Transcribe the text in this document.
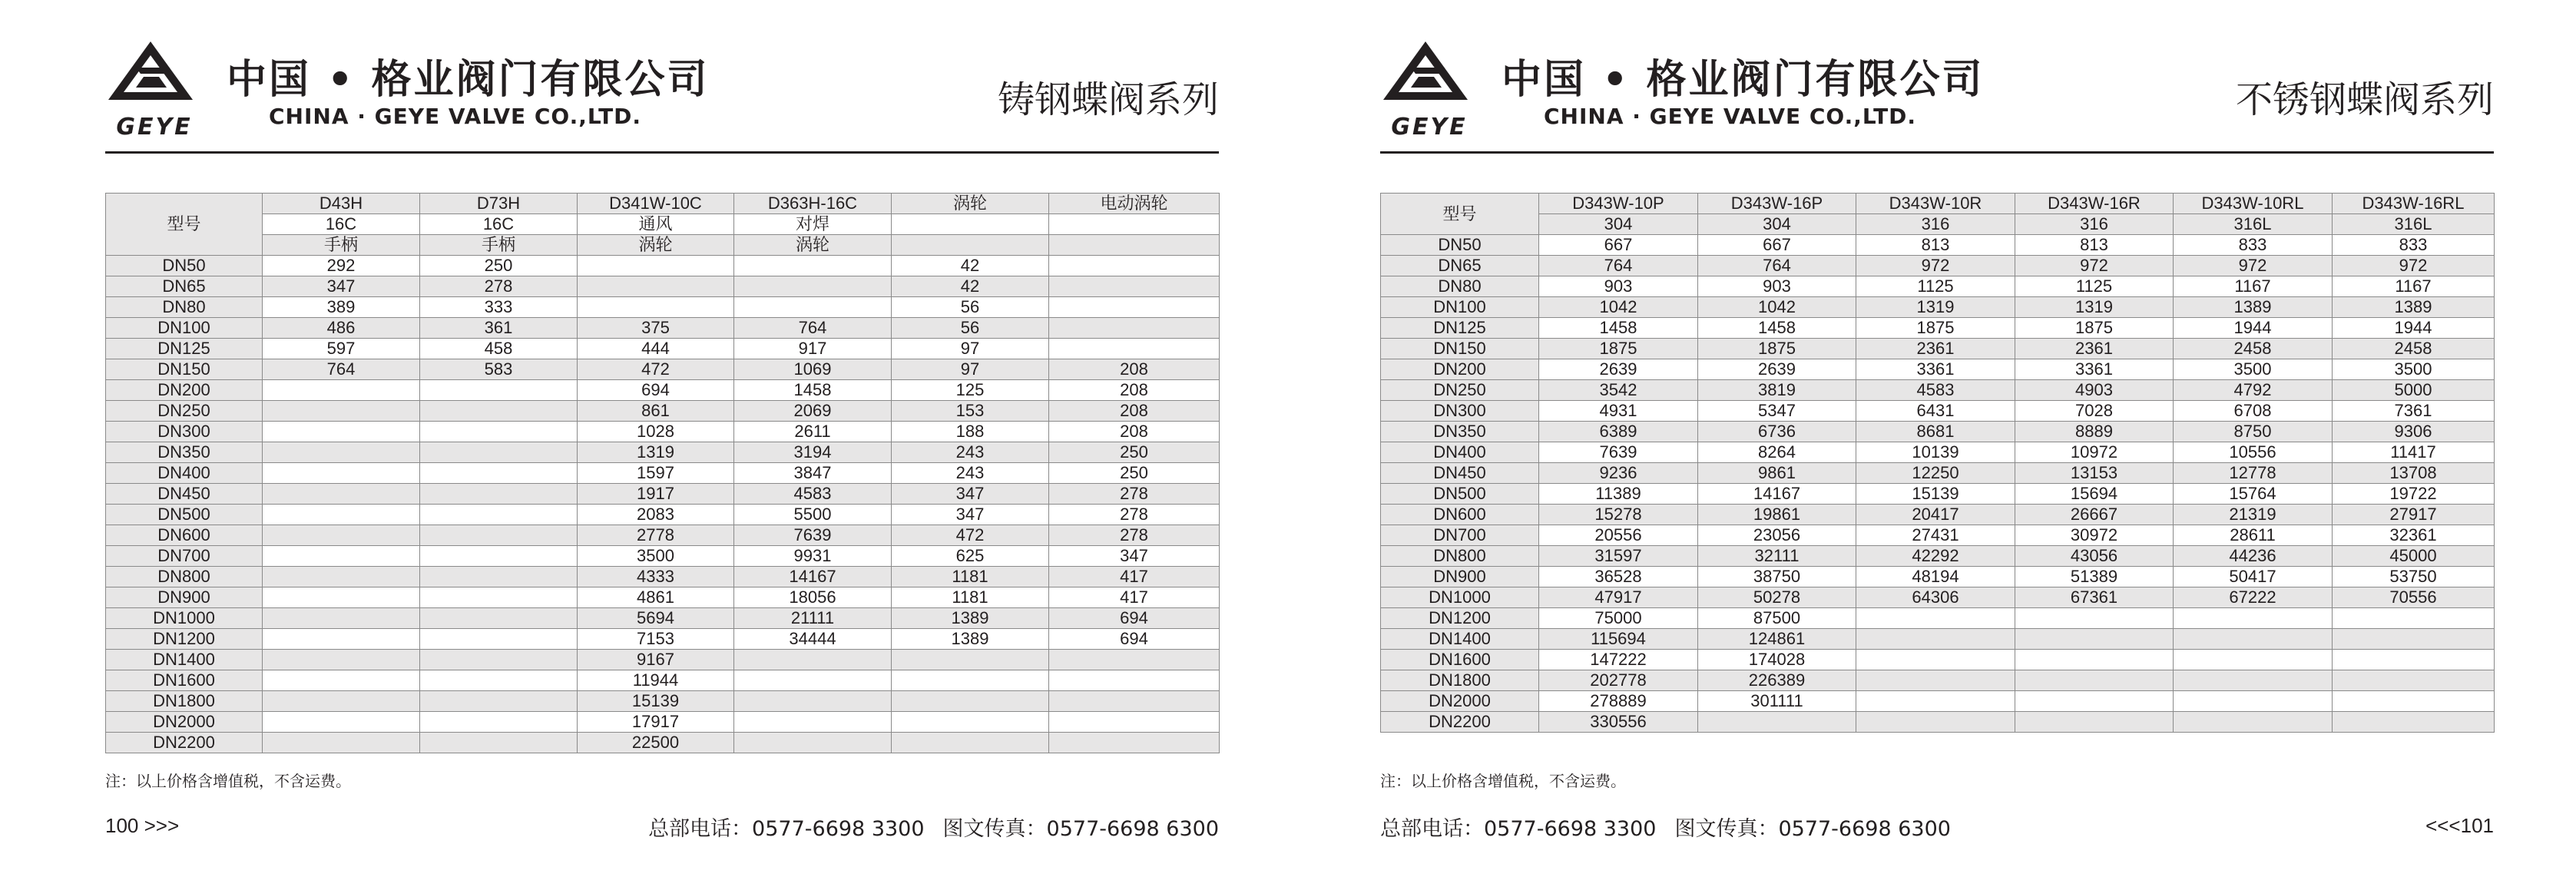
GEYE
中国 • 格业阀门有限公司
CHINA · GEYE VALVE CO.,LTD.	铸钢蝶阀系列
型号	D43H	D73H	D341W-10C	D363H-16C	涡轮	电动涡轮
	16C	16C	通风	对焊		
	手柄	手柄	涡轮	涡轮		
DN50	292	250			42	
DN65	347	278			42	
DN80	389	333			56	
DN100	486	361	375	764	56	
DN125	597	458	444	917	97	
DN150	764	583	472	1069	97	208
DN200			694	1458	125	208
DN250			861	2069	153	208
DN300			1028	2611	188	208
DN350			1319	3194	243	250
DN400			1597	3847	243	250
DN450			1917	4583	347	278
DN500			2083	5500	347	278
DN600			2778	7639	472	278
DN700			3500	9931	625	347
DN800			4333	14167	1181	417
DN900			4861	18056	1181	417
DN1000			5694	21111	1389	694
DN1200			7153	34444	1389	694
DN1400			9167			
DN1600			11944			
DN1800			15139			
DN2000			17917			
DN2200			22500			
注：以上价格含增值税，不含运费。
100 >>>	总部电话：0577-6698 3300 图文传真：0577-6698 6300
GEYE
中国 • 格业阀门有限公司
CHINA · GEYE VALVE CO.,LTD.	不锈钢蝶阀系列
型号	D343W-10P	D343W-16P	D343W-10R	D343W-16R	D343W-10RL	D343W-16RL
	304	304	316	316	316L	316L
DN50	667	667	813	813	833	833
DN65	764	764	972	972	972	972
DN80	903	903	1125	1125	1167	1167
DN100	1042	1042	1319	1319	1389	1389
DN125	1458	1458	1875	1875	1944	1944
DN150	1875	1875	2361	2361	2458	2458
DN200	2639	2639	3361	3361	3500	3500
DN250	3542	3819	4583	4903	4792	5000
DN300	4931	5347	6431	7028	6708	7361
DN350	6389	6736	8681	8889	8750	9306
DN400	7639	8264	10139	10972	10556	11417
DN450	9236	9861	12250	13153	12778	13708
DN500	11389	14167	15139	15694	15764	19722
DN600	15278	19861	20417	26667	21319	27917
DN700	20556	23056	27431	30972	28611	32361
DN800	31597	32111	42292	43056	44236	45000
DN900	36528	38750	48194	51389	50417	53750
DN1000	47917	50278	64306	67361	67222	70556
DN1200	75000	87500				
DN1400	115694	124861				
DN1600	147222	174028				
DN1800	202778	226389				
DN2000	278889	301111				
DN2200	330556					
注：以上价格含增值税，不含运费。
<<<101
总部电话：0577-6698 3300 图文传真：0577-6698 6300
